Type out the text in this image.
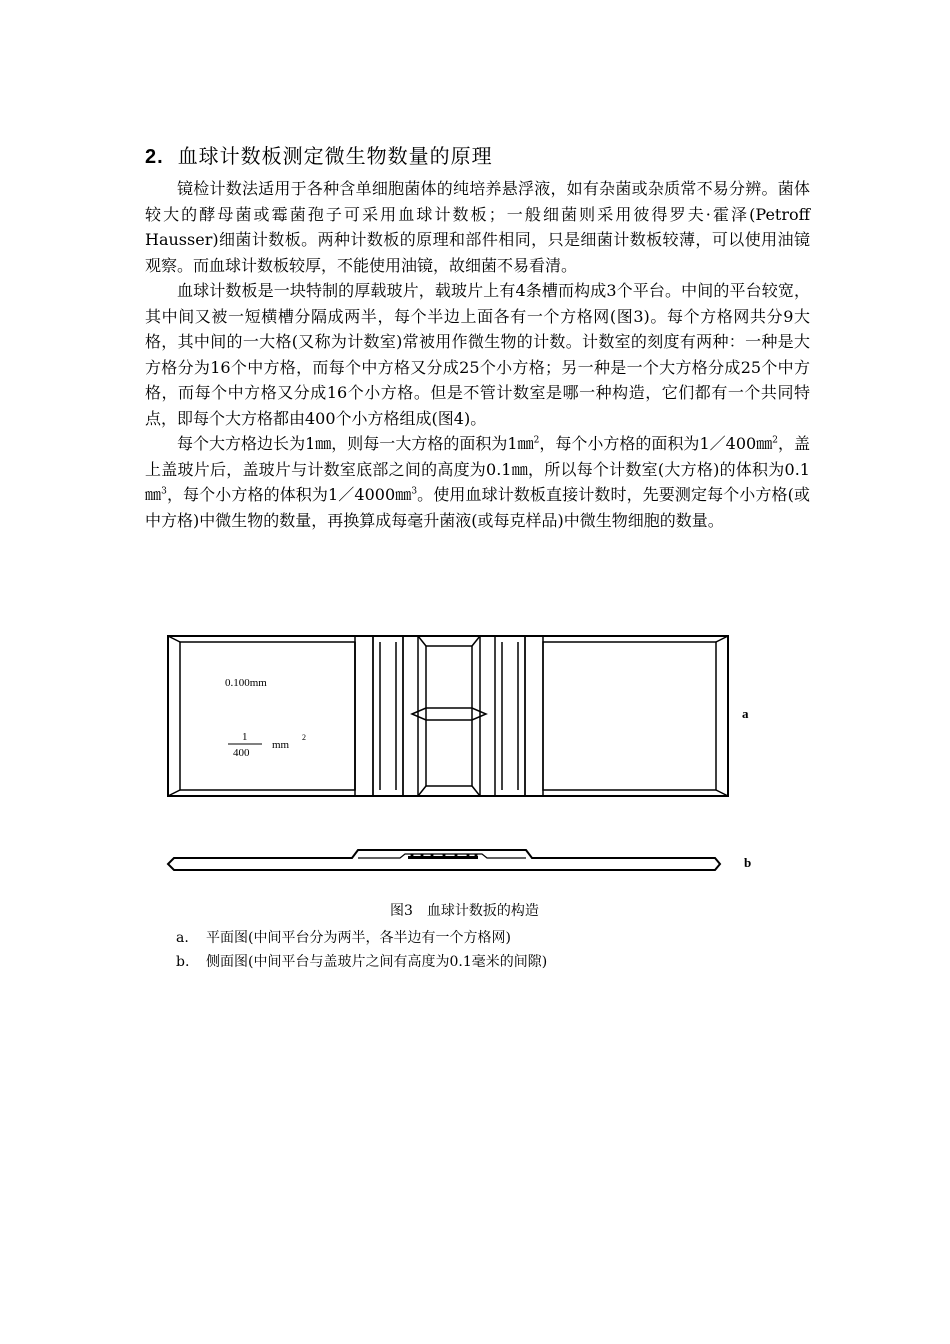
2. 血球计数板测定微生物数量的原理

镜检计数法适用于各种含单细胞菌体的纯培养悬浮液，如有杂菌或杂质常不易分辨。菌体较大的酵母菌或霉菌孢子可采用血球计数板；一般细菌则采用彼得罗夫·霍泽(Petroff Hausser)细菌计数板。两种计数板的原理和部件相同，只是细菌计数板较薄，可以使用油镜观察。而血球计数板较厚，不能使用油镜，故细菌不易看清。

血球计数板是一块特制的厚载玻片，载玻片上有4条槽而构成3个平台。中间的平台较宽，其中间又被一短横槽分隔成两半，每个半边上面各有一个方格网(图3)。每个方格网共分9大格，其中间的一大格(又称为计数室)常被用作微生物的计数。计数室的刻度有两种：一种是大方格分为16个中方格，而每个中方格又分成25个小方格；另一种是一个大方格分成25个中方格，而每个中方格又分成16个小方格。但是不管计数室是哪一种构造，它们都有一个共同特点，即每个大方格都由400个小方格组成(图4)。

每个大方格边长为1㎜，则每一大方格的面积为1㎜$^2$，每个小方格的面积为1／400㎜$^2$，盖上盖玻片后，盖玻片与计数室底部之间的高度为0.1㎜，所以每个计数室(大方格)的体积为0.1㎜$^3$，每个小方格的体积为1／4000㎜$^3$。使用血球计数板直接计数时，先要测定每个小方格(或中方格)中微生物的数量，再换算成每毫升菌液(或每克样品)中微生物细胞的数量。

0.100mm
1
400
mm
2
a
b
图3 血球计数扳的构造
a. 平面图(中间平台分为两半，各半边有一个方格网)
b. 侧面图(中间平台与盖玻片之间有高度为0.1毫米的间隙)
